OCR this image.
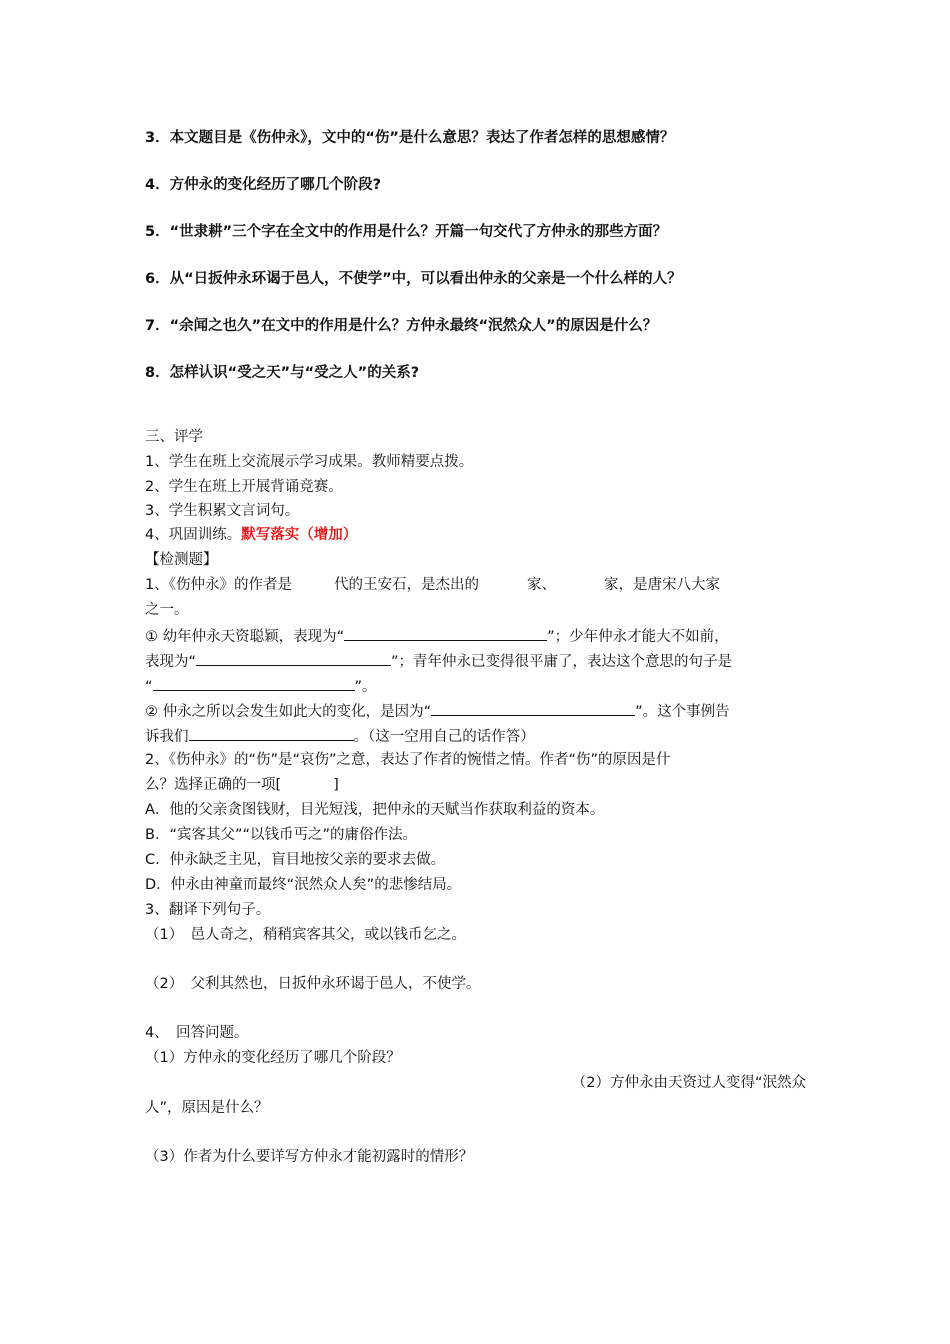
3．本文题目是《伤仲永》，文中的“伤”是什么意思？表达了作者怎样的思想感情？
4．方仲永的变化经历了哪几个阶段?
5．“世隶耕”三个字在全文中的作用是什么？开篇一句交代了方仲永的那些方面？
6．从“日扳仲永环谒于邑人，不使学”中，可以看出仲永的父亲是一个什么样的人？
7．“余闻之也久”在文中的作用是什么？方仲永最终“泯然众人”的原因是什么？
8．怎样认识“受之天”与“受之人”的关系?
三、评学
1、学生在班上交流展示学习成果。教师精要点拨。
2、学生在班上开展背诵竞赛。
3、学生积累文言词句。
4、巩固训练。默写落实（增加）
【检测题】
1、《伤仲永》的作者是	代的王安石，是杰出的	家、	家，是唐宋八大家
之一。
① 幼年仲永天资聪颖，表现为“	”；少年仲永才能大不如前，
表现为“	”；青年仲永已变得很平庸了，表达这个意思的句子是
“	”。
② 仲永之所以会发生如此大的变化，是因为“	”。这个事例告
诉我们	。（这一空用自己的话作答）
2、《伤仲永》的“伤”是“哀伤”之意，表达了作者的惋惜之情。作者“伤”的原因是什
么？选择正确的一项[	]
A．他的父亲贪图钱财，目光短浅，把仲永的天赋当作获取利益的资本。
B．“宾客其父”“以钱币丐之”的庸俗作法。
C．仲永缺乏主见，盲目地按父亲的要求去做。
D．仲永由神童而最终“泯然众人矣”的悲惨结局。
3、翻译下列句子。
（1）　邑人奇之，稍稍宾客其父，或以钱币乞之。
（2）　父利其然也，日扳仲永环谒于邑人，不使学。
4、　回答问题。
（1）方仲永的变化经历了哪几个阶段？
（2）方仲永由天资过人变得“泯然众
人”，原因是什么？
（3）作者为什么要详写方仲永才能初露时的情形？
